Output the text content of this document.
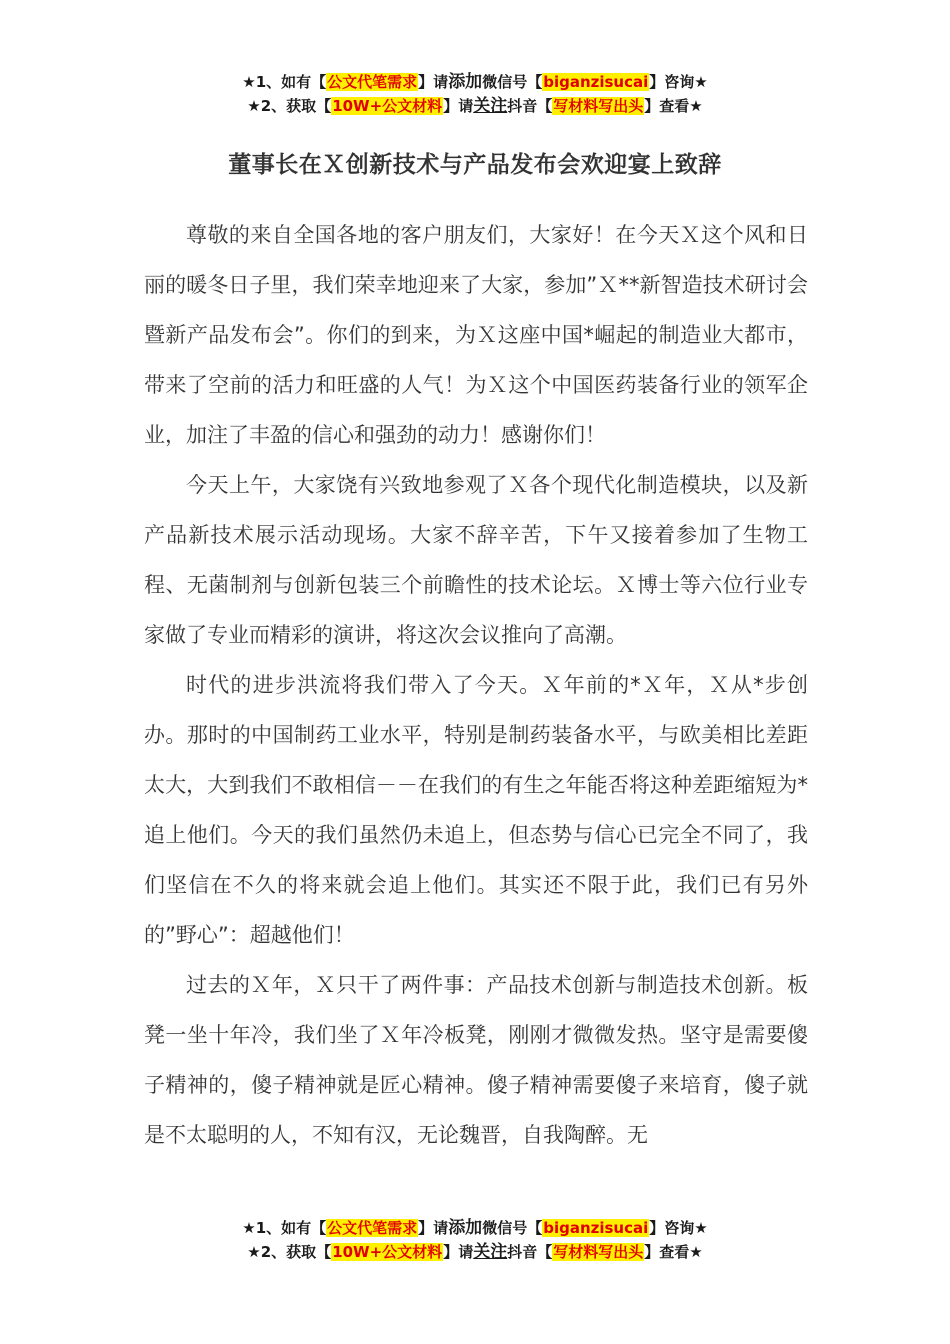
★1、如有【公文代笔需求】请添加微信号【biganzisucai】咨询★
★2、获取【10W+公文材料】请关注抖音【写材料写出头】查看★
董事长在Ｘ创新技术与产品发布会欢迎宴上致辞

尊敬的来自全国各地的客户朋友们，大家好！在今天Ｘ这个风和日丽的暖冬日子里，我们荣幸地迎来了大家，参加”Ｘ**新智造技术研讨会暨新产品发布会”。你们的到来，为Ｘ这座中国*崛起的制造业大都市，带来了空前的活力和旺盛的人气！为Ｘ这个中国医药装备行业的领军企业，加注了丰盈的信心和强劲的动力！感谢你们！

今天上午，大家饶有兴致地参观了Ｘ各个现代化制造模块，以及新产品新技术展示活动现场。大家不辞辛苦，下午又接着参加了生物工程、无菌制剂与创新包装三个前瞻性的技术论坛。Ｘ博士等六位行业专家做了专业而精彩的演讲，将这次会议推向了高潮。

时代的进步洪流将我们带入了今天。Ｘ年前的*Ｘ年，Ｘ从*步创办。那时的中国制药工业水平，特别是制药装备水平，与欧美相比差距太大，大到我们不敢相信－－在我们的有生之年能否将这种差距缩短为*追上他们。今天的我们虽然仍未追上，但态势与信心已完全不同了，我们坚信在不久的将来就会追上他们。其实还不限于此，我们已有另外的”野心”：超越他们！

过去的Ｘ年，Ｘ只干了两件事：产品技术创新与制造技术创新。板凳一坐十年冷，我们坐了Ｘ年冷板凳，刚刚才微微发热。坚守是需要傻子精神的，傻子精神就是匠心精神。傻子精神需要傻子来培育，傻子就是不太聪明的人，不知有汉，无论魏晋，自我陶醉。无

★1、如有【公文代笔需求】请添加微信号【biganzisucai】咨询★
★2、获取【10W+公文材料】请关注抖音【写材料写出头】查看★
